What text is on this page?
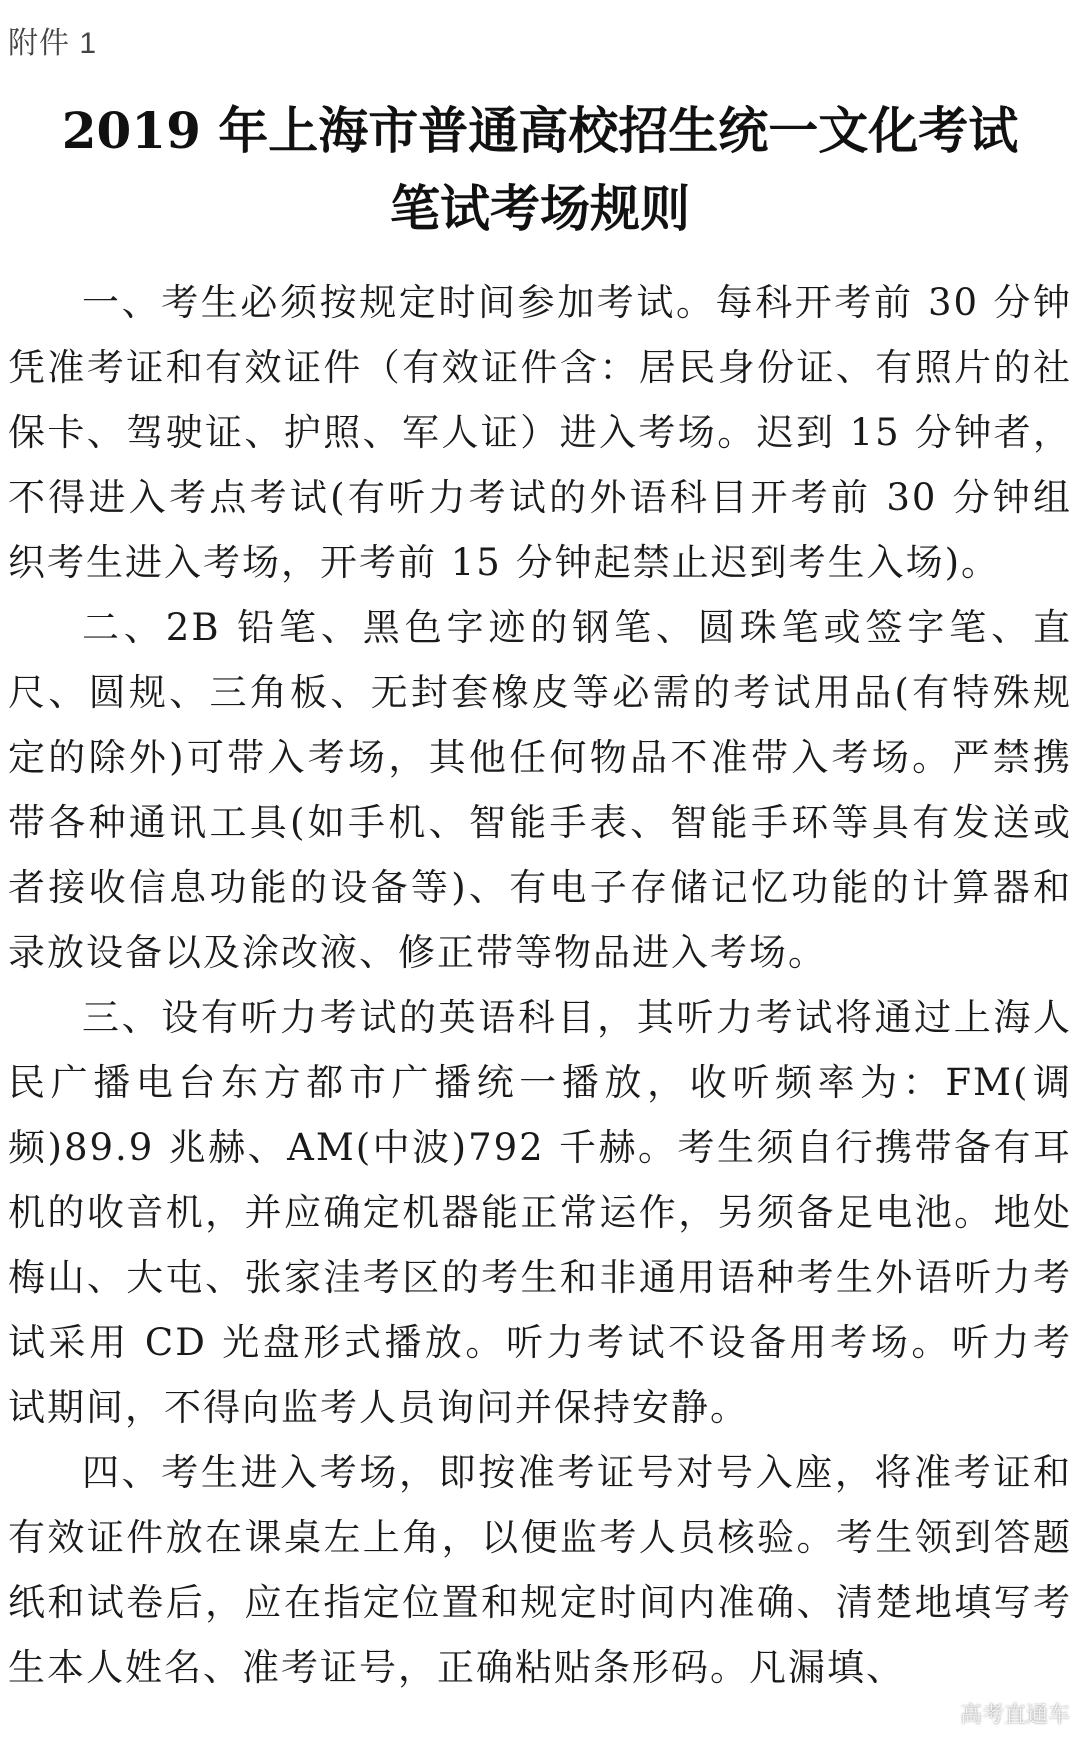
附件 1
2019 年上海市普通高校招生统一文化考试
笔试考场规则

一、考生必须按规定时间参加考试。每科开考前 30 分钟凭准考证和有效证件（有效证件含：居民身份证、有照片的社保卡、驾驶证、护照、军人证）进入考场。迟到 15 分钟者，不得进入考点考试(有听力考试的外语科目开考前 30 分钟组织考生进入考场，开考前 15 分钟起禁止迟到考生入场)。

二、2B 铅笔、黑色字迹的钢笔、圆珠笔或签字笔、直尺、圆规、三角板、无封套橡皮等必需的考试用品(有特殊规定的除外)可带入考场，其他任何物品不准带入考场。严禁携带各种通讯工具(如手机、智能手表、智能手环等具有发送或者接收信息功能的设备等)、有电子存储记忆功能的计算器和录放设备以及涂改液、修正带等物品进入考场。

三、设有听力考试的英语科目，其听力考试将通过上海人民广播电台东方都市广播统一播放，收听频率为：FM(调频)89.9 兆赫、AM(中波)792 千赫。考生须自行携带备有耳机的收音机，并应确定机器能正常运作，另须备足电池。地处梅山、大屯、张家洼考区的考生和非通用语种考生外语听力考试采用 CD 光盘形式播放。听力考试不设备用考场。听力考试期间，不得向监考人员询问并保持安静。

四、考生进入考场，即按准考证号对号入座，将准考证和有效证件放在课桌左上角，以便监考人员核验。考生领到答题纸和试卷后，应在指定位置和规定时间内准确、清楚地填写考生本人姓名、准考证号，正确粘贴条形码。凡漏填、

高考直通车
